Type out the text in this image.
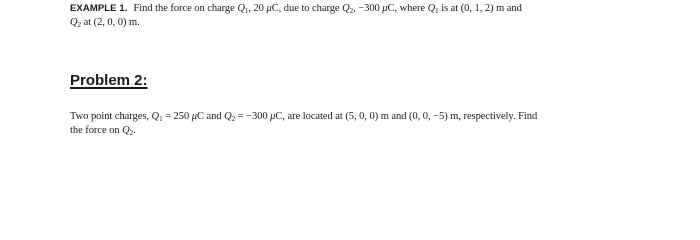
EXAMPLE 1. Find the force on charge $Q_1$, 20 μC, due to charge $Q_2$, −300 μC, where $Q_1$ is at (0, 1, 2) m and
$Q_2$ at (2, 0, 0) m.
Problem 2:
Two point charges, $Q_1 = 250$ μC and $Q_2 = -300$ μC, are located at (5, 0, 0) m and (0, 0, −5) m, respectively. Find
the force on $Q_2$.
